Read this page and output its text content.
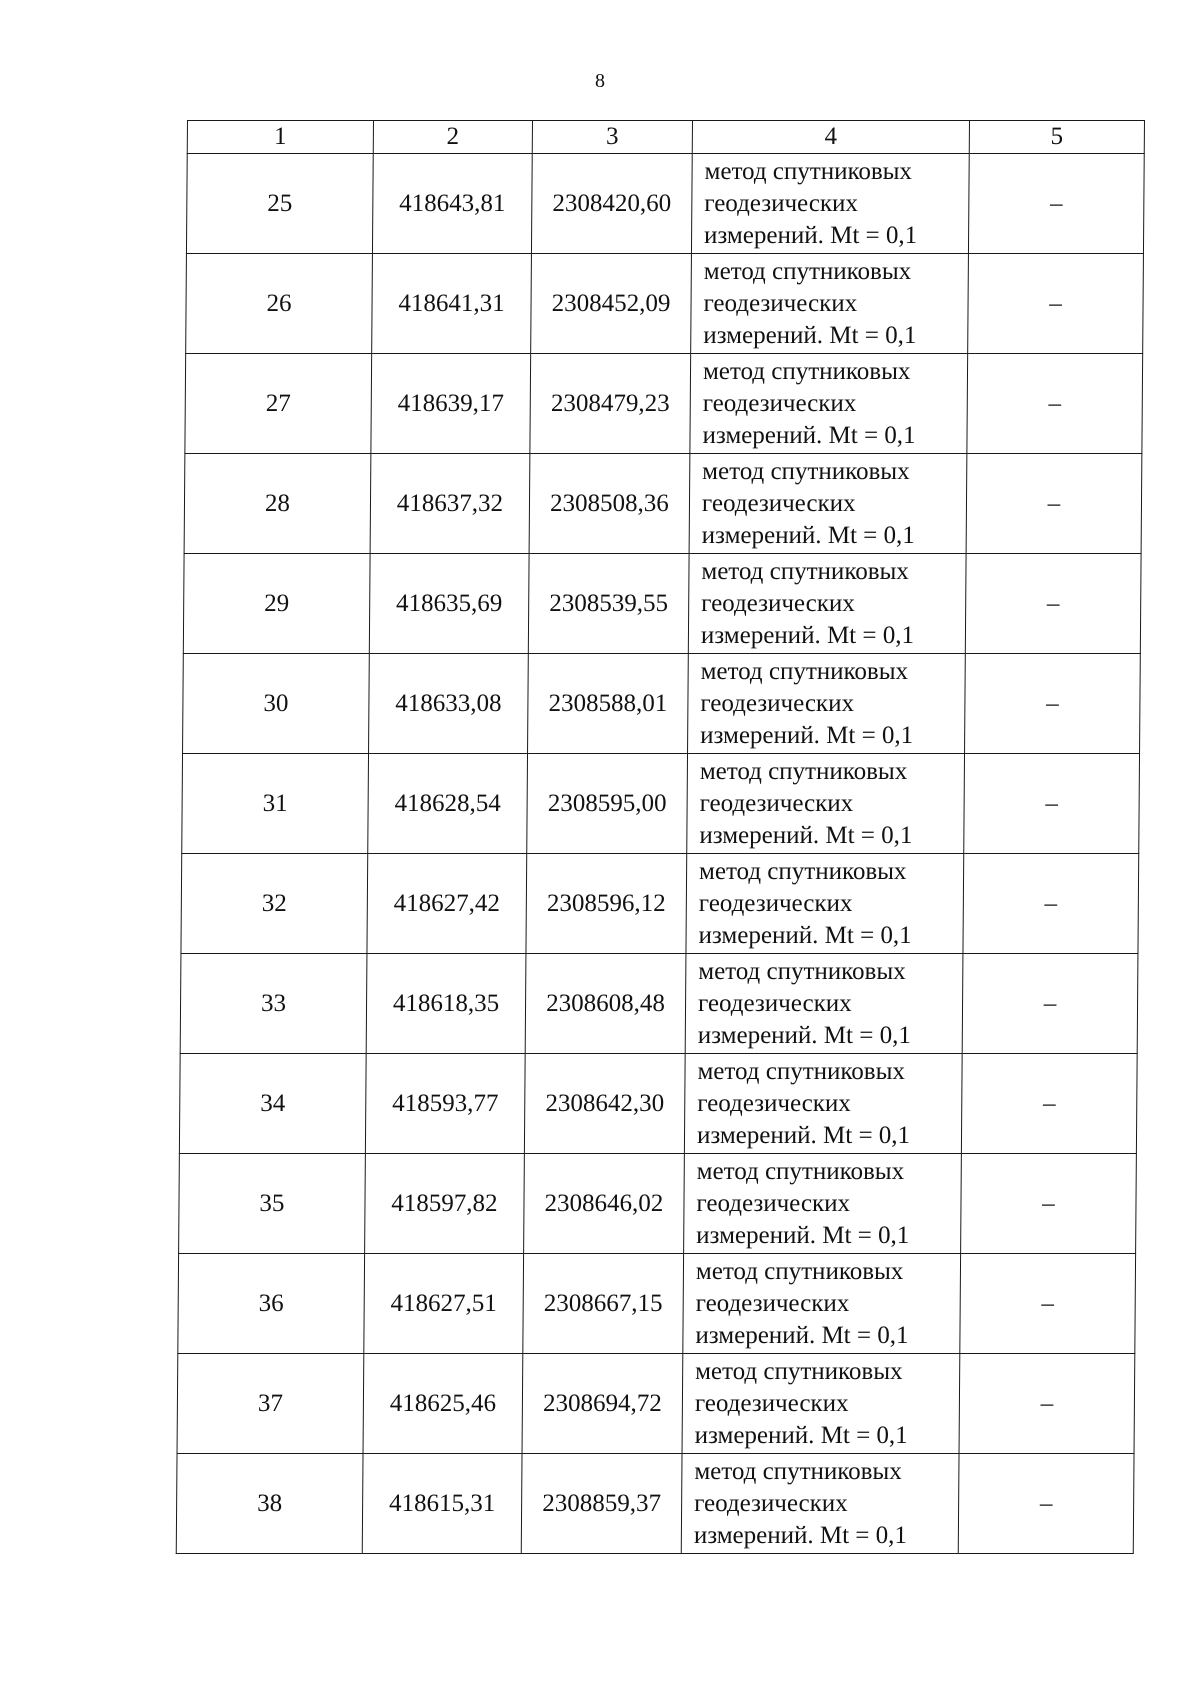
8
1	2	3	4	5
25	418643,81	2308420,60	метод спутниковых
геодезических
измерений. Mt = 0,1	–
26	418641,31	2308452,09	метод спутниковых
геодезических
измерений. Mt = 0,1	–
27	418639,17	2308479,23	метод спутниковых
геодезических
измерений. Mt = 0,1	–
28	418637,32	2308508,36	метод спутниковых
геодезических
измерений. Mt = 0,1	–
29	418635,69	2308539,55	метод спутниковых
геодезических
измерений. Mt = 0,1	–
30	418633,08	2308588,01	метод спутниковых
геодезических
измерений. Mt = 0,1	–
31	418628,54	2308595,00	метод спутниковых
геодезических
измерений. Mt = 0,1	–
32	418627,42	2308596,12	метод спутниковых
геодезических
измерений. Mt = 0,1	–
33	418618,35	2308608,48	метод спутниковых
геодезических
измерений. Mt = 0,1	–
34	418593,77	2308642,30	метод спутниковых
геодезических
измерений. Mt = 0,1	–
35	418597,82	2308646,02	метод спутниковых
геодезических
измерений. Mt = 0,1	–
36	418627,51	2308667,15	метод спутниковых
геодезических
измерений. Mt = 0,1	–
37	418625,46	2308694,72	метод спутниковых
геодезических
измерений. Mt = 0,1	–
38	418615,31	2308859,37	метод спутниковых
геодезических
измерений. Mt = 0,1	–
